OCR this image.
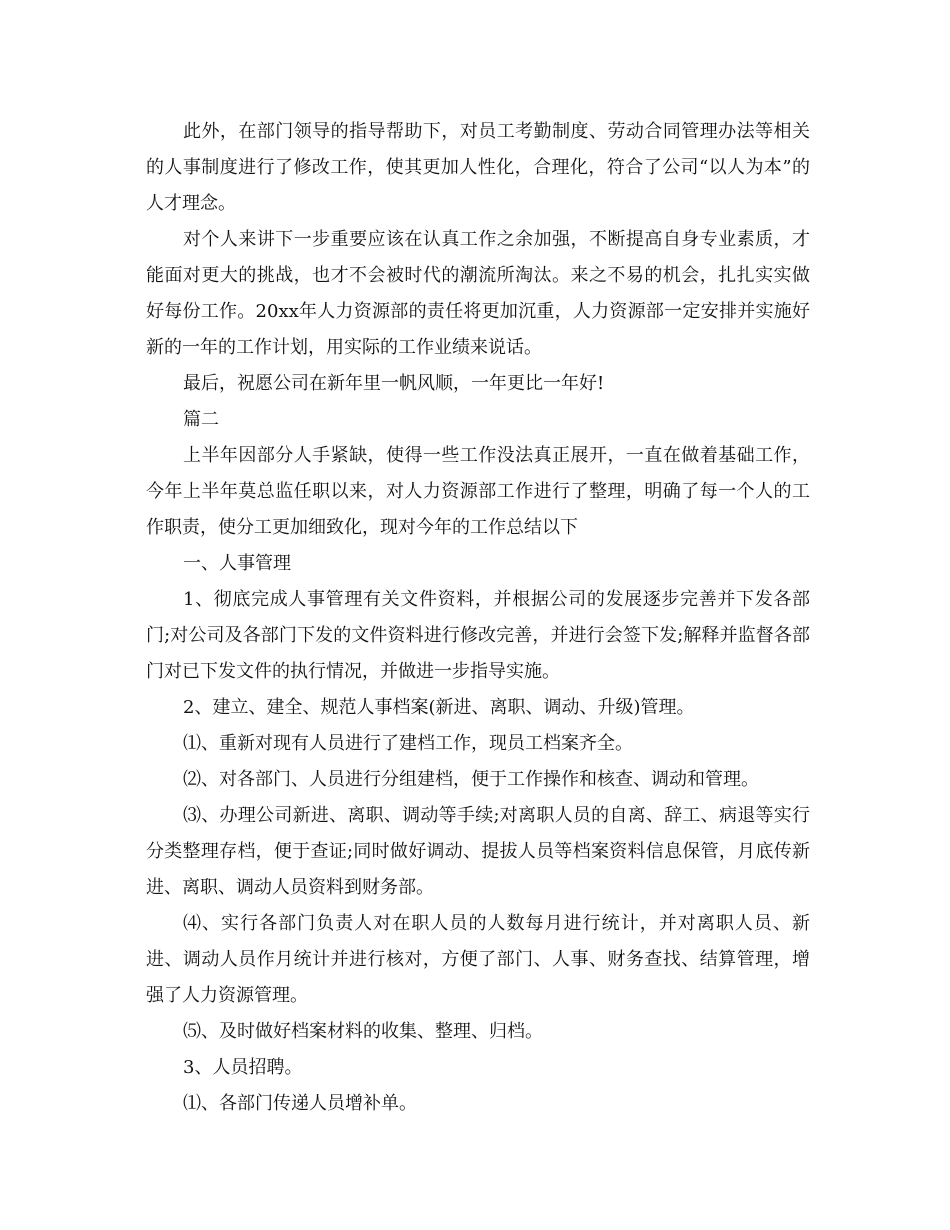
此外，在部门领导的指导帮助下，对员工考勤制度、劳动合同管理办法等相关的人事制度进行了修改工作，使其更加人性化，合理化，符合了公司“以人为本”的人才理念。

对个人来讲下一步重要应该在认真工作之余加强，不断提高自身专业素质，才能面对更大的挑战，也才不会被时代的潮流所淘汰。来之不易的机会，扎扎实实做好每份工作。20xx年人力资源部的责任将更加沉重，人力资源部一定安排并实施好新的一年的工作计划，用实际的工作业绩来说话。

最后，祝愿公司在新年里一帆风顺，一年更比一年好!

篇二

上半年因部分人手紧缺，使得一些工作没法真正展开，一直在做着基础工作，今年上半年莫总监任职以来，对人力资源部工作进行了整理，明确了每一个人的工作职责，使分工更加细致化，现对今年的工作总结以下

一、人事管理

1、彻底完成人事管理有关文件资料，并根据公司的发展逐步完善并下发各部门;对公司及各部门下发的文件资料进行修改完善，并进行会签下发;解释并监督各部门对已下发文件的执行情况，并做进一步指导实施。

2、建立、建全、规范人事档案(新进、离职、调动、升级)管理。

⑴、重新对现有人员进行了建档工作，现员工档案齐全。

⑵、对各部门、人员进行分组建档，便于工作操作和核查、调动和管理。

⑶、办理公司新进、离职、调动等手续;对离职人员的自离、辞工、病退等实行分类整理存档，便于查证;同时做好调动、提拔人员等档案资料信息保管，月底传新进、离职、调动人员资料到财务部。

⑷、实行各部门负责人对在职人员的人数每月进行统计，并对离职人员、新进、调动人员作月统计并进行核对，方便了部门、人事、财务查找、结算管理，增强了人力资源管理。

⑸、及时做好档案材料的收集、整理、归档。

3、人员招聘。

⑴、各部门传递人员增补单。
